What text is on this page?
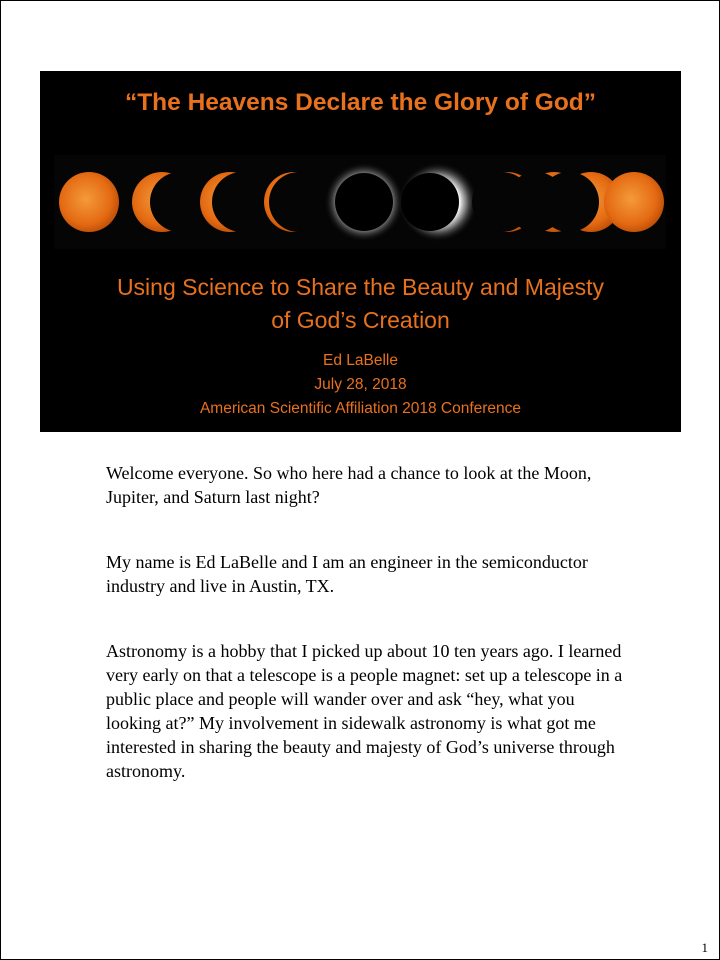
“The Heavens Declare the Glory of God”
Using Science to Share the Beauty and Majesty
of God’s Creation
Ed LaBelle
July 28, 2018
American Scientific Affiliation 2018 Conference

Welcome everyone. So who here had a chance to look at the Moon, Jupiter, and Saturn last night?

My name is Ed LaBelle and I am an engineer in the semiconductor industry and live in Austin, TX.

Astronomy is a hobby that I picked up about 10 ten years ago. I learned very early on that a telescope is a people magnet: set up a telescope in a public place and people will wander over and ask “hey, what you looking at?” My involvement in sidewalk astronomy is what got me interested in sharing the beauty and majesty of God’s universe through astronomy.

1
